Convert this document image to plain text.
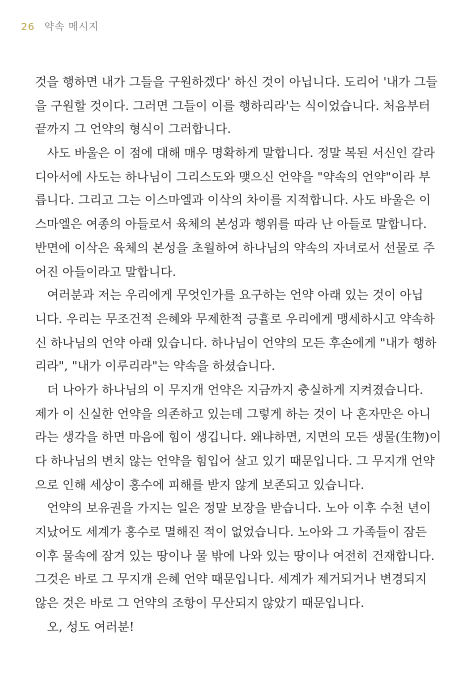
26 약속 메시지
것을 행하면 내가 그들을 구원하겠다' 하신 것이 아닙니다. 도리어 '내가 그들
을 구원할 것이다. 그러면 그들이 이를 행하리라'는 식이었습니다. 처음부터
끝까지 그 언약의 형식이 그러합니다.
사도 바울은 이 점에 대해 매우 명확하게 말합니다. 정말 복된 서신인 갈라
디아서에 사도는 하나님이 그리스도와 맺으신 언약을 "약속의 언약"이라 부
릅니다. 그리고 그는 이스마엘과 이삭의 차이를 지적합니다. 사도 바울은 이
스마엘은 여종의 아들로서 육체의 본성과 행위를 따라 난 아들로 말합니다.
반면에 이삭은 육체의 본성을 초월하여 하나님의 약속의 자녀로서 선물로 주
어진 아들이라고 말합니다.
여러분과 저는 우리에게 무엇인가를 요구하는 언약 아래 있는 것이 아닙
니다. 우리는 무조건적 은혜와 무제한적 긍휼로 우리에게 맹세하시고 약속하
신 하나님의 언약 아래 있습니다. 하나님이 언약의 모든 후손에게 "내가 행하
리라", "내가 이루리라"는 약속을 하셨습니다.
더 나아가 하나님의 이 무지개 언약은 지금까지 충실하게 지켜졌습니다.
제가 이 신실한 언약을 의존하고 있는데 그렇게 하는 것이 나 혼자만은 아니
라는 생각을 하면 마음에 힘이 생깁니다. 왜냐하면, 지면의 모든 생물(生物)이
다 하나님의 변치 않는 언약을 힘입어 살고 있기 때문입니다. 그 무지개 언약
으로 인해 세상이 홍수에 피해를 받지 않게 보존되고 있습니다.
언약의 보유권을 가지는 일은 정말 보장을 받습니다. 노아 이후 수천 년이
지났어도 세계가 홍수로 멸해진 적이 없었습니다. 노아와 그 가족들이 잠든
이후 물속에 잠겨 있는 땅이나 물 밖에 나와 있는 땅이나 여전히 건재합니다.
그것은 바로 그 무지개 은혜 언약 때문입니다. 세계가 제거되거나 변경되지
않은 것은 바로 그 언약의 조항이 무산되지 않았기 때문입니다.
오, 성도 여러분!
